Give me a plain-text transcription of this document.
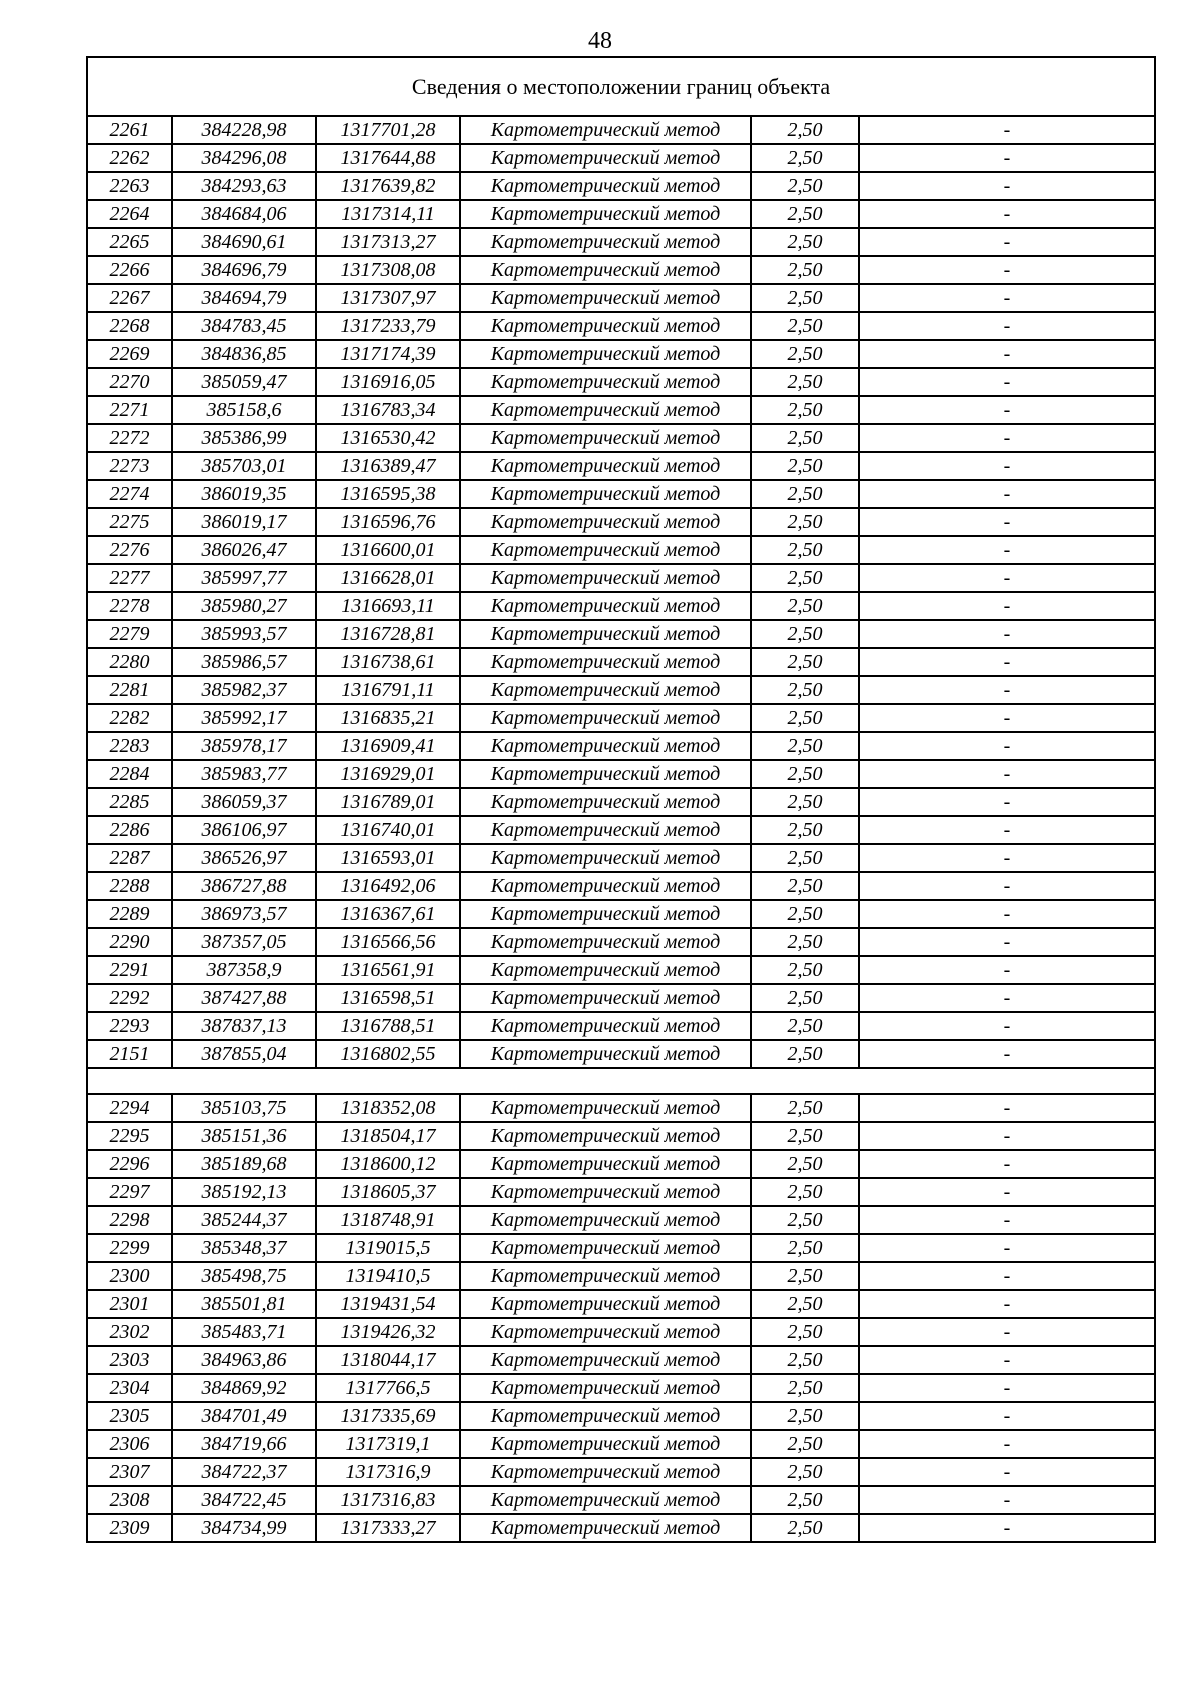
48
Сведения о местоположении границ объекта					
2261	384228,98	1317701,28	Картометрический метод	2,50	-
2262	384296,08	1317644,88	Картометрический метод	2,50	-
2263	384293,63	1317639,82	Картометрический метод	2,50	-
2264	384684,06	1317314,11	Картометрический метод	2,50	-
2265	384690,61	1317313,27	Картометрический метод	2,50	-
2266	384696,79	1317308,08	Картометрический метод	2,50	-
2267	384694,79	1317307,97	Картометрический метод	2,50	-
2268	384783,45	1317233,79	Картометрический метод	2,50	-
2269	384836,85	1317174,39	Картометрический метод	2,50	-
2270	385059,47	1316916,05	Картометрический метод	2,50	-
2271	385158,6	1316783,34	Картометрический метод	2,50	-
2272	385386,99	1316530,42	Картометрический метод	2,50	-
2273	385703,01	1316389,47	Картометрический метод	2,50	-
2274	386019,35	1316595,38	Картометрический метод	2,50	-
2275	386019,17	1316596,76	Картометрический метод	2,50	-
2276	386026,47	1316600,01	Картометрический метод	2,50	-
2277	385997,77	1316628,01	Картометрический метод	2,50	-
2278	385980,27	1316693,11	Картометрический метод	2,50	-
2279	385993,57	1316728,81	Картометрический метод	2,50	-
2280	385986,57	1316738,61	Картометрический метод	2,50	-
2281	385982,37	1316791,11	Картометрический метод	2,50	-
2282	385992,17	1316835,21	Картометрический метод	2,50	-
2283	385978,17	1316909,41	Картометрический метод	2,50	-
2284	385983,77	1316929,01	Картометрический метод	2,50	-
2285	386059,37	1316789,01	Картометрический метод	2,50	-
2286	386106,97	1316740,01	Картометрический метод	2,50	-
2287	386526,97	1316593,01	Картометрический метод	2,50	-
2288	386727,88	1316492,06	Картометрический метод	2,50	-
2289	386973,57	1316367,61	Картометрический метод	2,50	-
2290	387357,05	1316566,56	Картометрический метод	2,50	-
2291	387358,9	1316561,91	Картометрический метод	2,50	-
2292	387427,88	1316598,51	Картометрический метод	2,50	-
2293	387837,13	1316788,51	Картометрический метод	2,50	-
2151	387855,04	1316802,55	Картометрический метод	2,50	-

2294	385103,75	1318352,08	Картометрический метод	2,50	-
2295	385151,36	1318504,17	Картометрический метод	2,50	-
2296	385189,68	1318600,12	Картометрический метод	2,50	-
2297	385192,13	1318605,37	Картометрический метод	2,50	-
2298	385244,37	1318748,91	Картометрический метод	2,50	-
2299	385348,37	1319015,5	Картометрический метод	2,50	-
2300	385498,75	1319410,5	Картометрический метод	2,50	-
2301	385501,81	1319431,54	Картометрический метод	2,50	-
2302	385483,71	1319426,32	Картометрический метод	2,50	-
2303	384963,86	1318044,17	Картометрический метод	2,50	-
2304	384869,92	1317766,5	Картометрический метод	2,50	-
2305	384701,49	1317335,69	Картометрический метод	2,50	-
2306	384719,66	1317319,1	Картометрический метод	2,50	-
2307	384722,37	1317316,9	Картометрический метод	2,50	-
2308	384722,45	1317316,83	Картометрический метод	2,50	-
2309	384734,99	1317333,27	Картометрический метод	2,50	-
